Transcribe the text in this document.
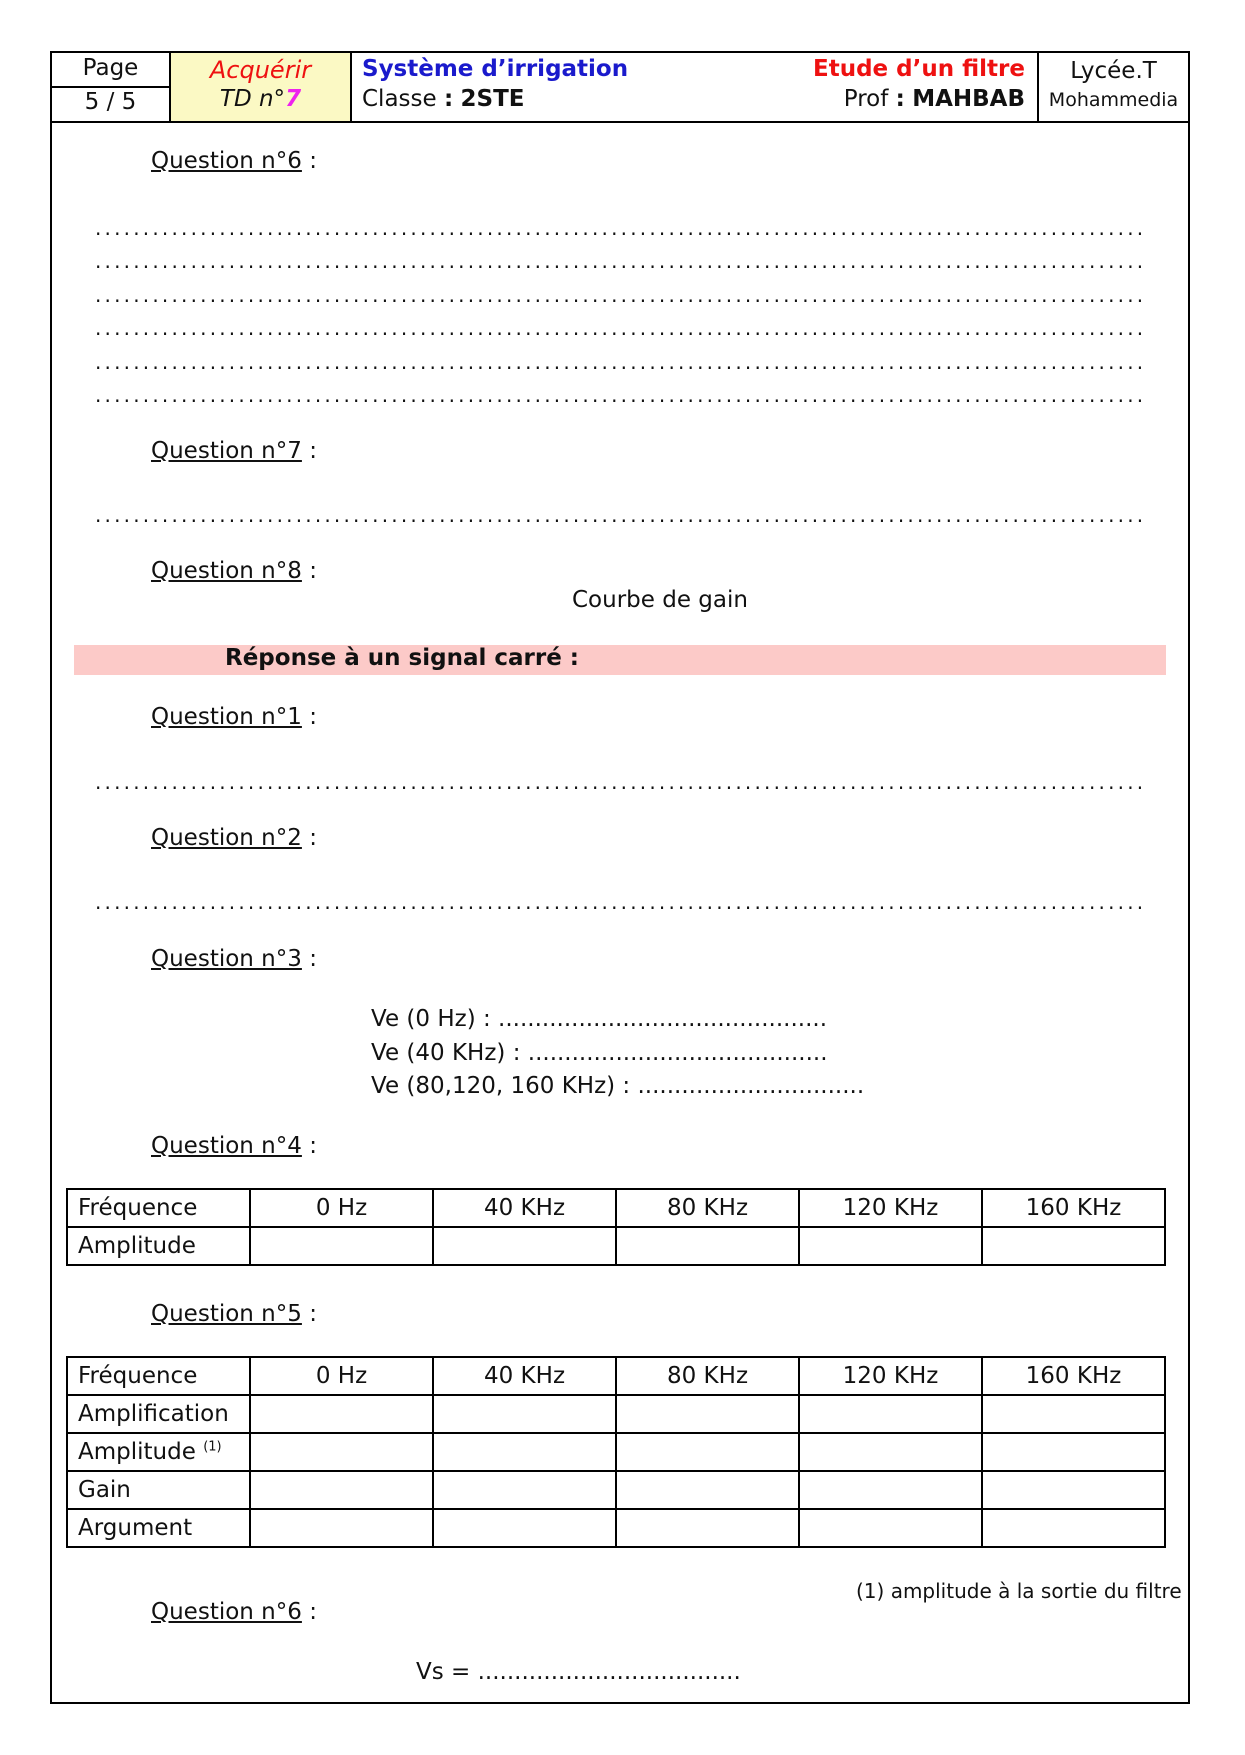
Page
5 / 5
Acquérir
TD n°7
Système d’irrigation
Classe : 2STE
Etude d’un filtre
Prof : MAHBAB
Lycée.T
Mohammedia
Question n°6 :
.....
.....
.....
.....
.....
.....
Question n°7 :
.....
Question n°8 :
Courbe de gain
Réponse à un signal carré :
Question n°1 :
.....
Question n°2 :
.....
Question n°3 :
Ve (0 Hz) : .............................................
Ve (40 KHz) : .........................................
Ve (80,120, 160 KHz) : ...............................
Question n°4 :
Fréquence	0 Hz	40 KHz	80 KHz	120 KHz	160 KHz
Amplitude					
Question n°5 :
Fréquence	0 Hz	40 KHz	80 KHz	120 KHz	160 KHz
Amplification					
Amplitude $^{(1)}$					
Gain					
Argument					
(1) amplitude à la sortie du filtre
Question n°6 :
Vs = ....................................
